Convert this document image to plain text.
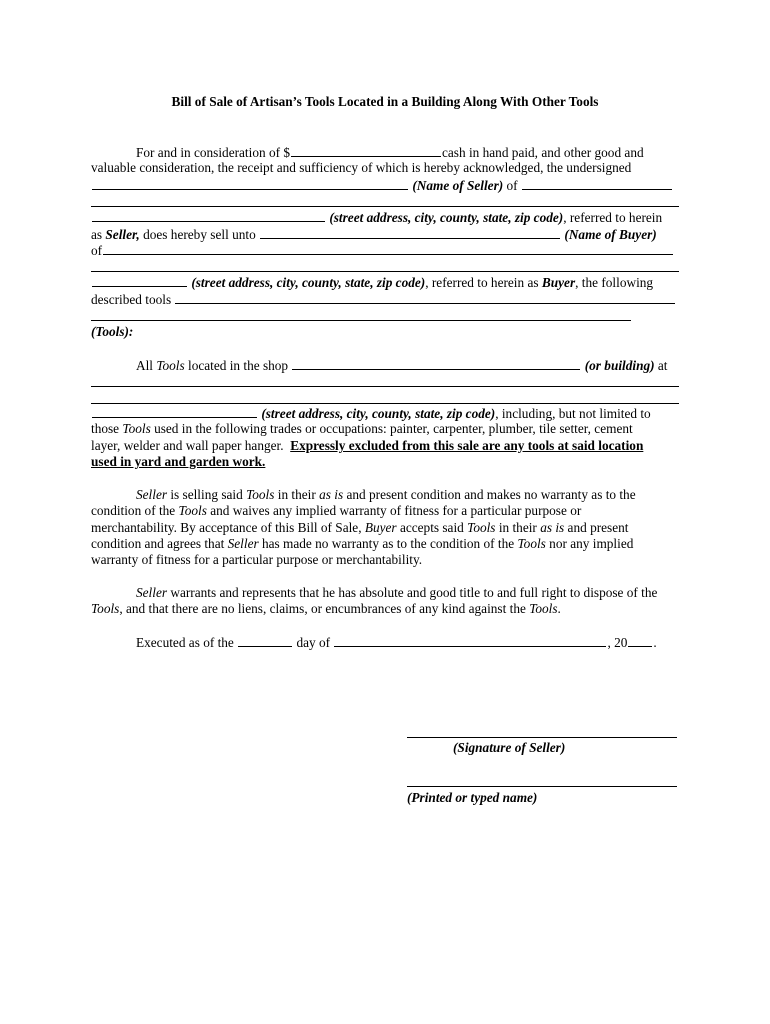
Bill of Sale of Artisan’s Tools Located in a Building Along With Other Tools
For and in consideration of $	cash in hand paid, and other good and
valuable consideration, the receipt and sufficiency of which is hereby acknowledged, the undersigned
(Name of Seller) of
(street address, city, county, state, zip code), referred to herein
as Seller, does hereby sell unto	(Name of Buyer)
of
(street address, city, county, state, zip code), referred to herein as Buyer, the following
described tools
(Tools):
All Tools located in the shop	(or building) at
(street address, city, county, state, zip code), including, but not limited to
those Tools used in the following trades or occupations: painter, carpenter, plumber, tile setter, cement
layer, welder and wall paper hanger. Expressly excluded from this sale are any tools at said location
used in yard and garden work.
Seller is selling said Tools in their as is and present condition and makes no warranty as to the
condition of the Tools and waives any implied warranty of fitness for a particular purpose or
merchantability. By acceptance of this Bill of Sale, Buyer accepts said Tools in their as is and present
condition and agrees that Seller has made no warranty as to the condition of the Tools nor any implied
warranty of fitness for a particular purpose or merchantability.
Seller warrants and represents that he has absolute and good title to and full right to dispose of the
Tools, and that there are no liens, claims, or encumbrances of any kind against the Tools.
Executed as of the	day of	, 20 .
(Signature of Seller)
(Printed or typed name)
